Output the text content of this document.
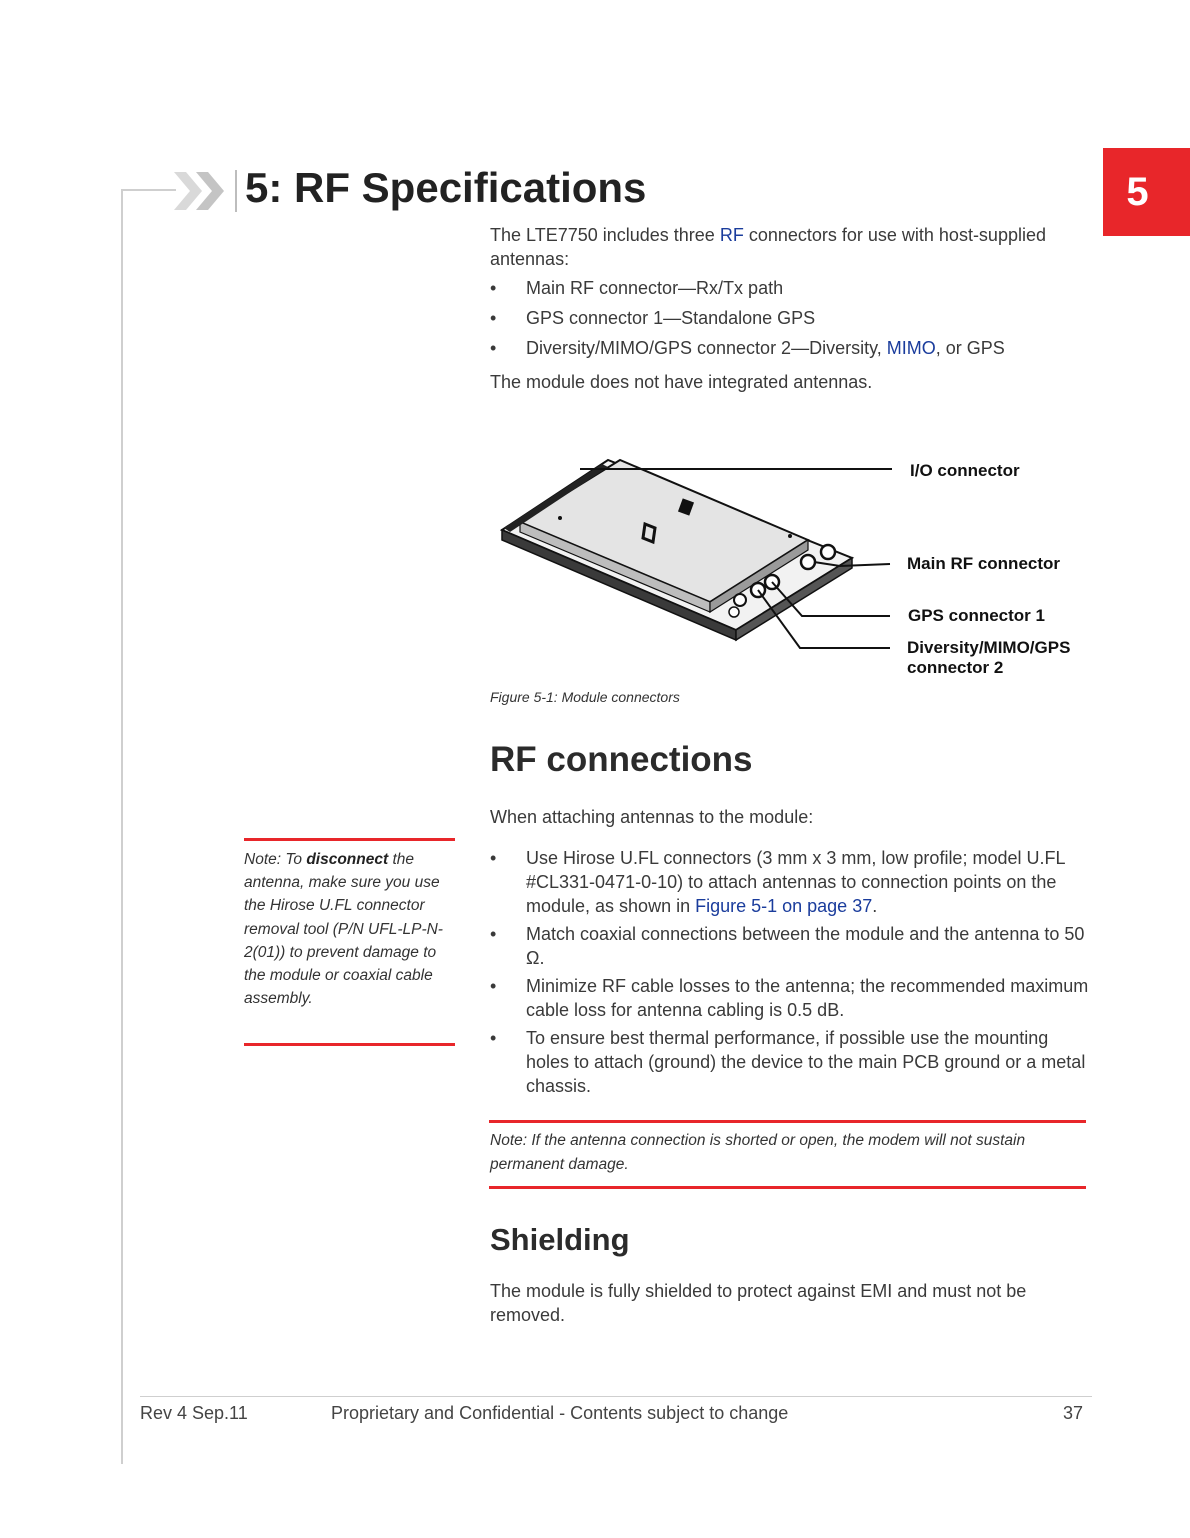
5: RF Specifications	5

The LTE7750 includes three RF connectors for use with host-supplied antennas:

• Main RF connector—Rx/Tx path
• GPS connector 1—Standalone GPS
• Diversity/MIMO/GPS connector 2—Diversity, MIMO, or GPS

The module does not have integrated antennas.

I/O connector
Main RF connector
GPS connector 1
Diversity/MIMO/GPS
connector 2
Figure 5-1: Module connectors
RF connections

When attaching antennas to the module:

• Use Hirose U.FL connectors (3 mm x 3 mm, low profile; model U.FL #CL331-0471-0-10) to attach antennas to connection points on the module, as shown in Figure 5-1 on page 37.
• Match coaxial connections between the module and the antenna to 50 Ω.
• Minimize RF cable losses to the antenna; the recommended maximum cable loss for antenna cabling is 0.5 dB.
• To ensure best thermal performance, if possible use the mounting holes to attach (ground) the device to the main PCB ground or a metal chassis.

Note: To disconnect the antenna, make sure you use the Hirose U.FL connector removal tool (P/N UFL-LP-N-2(01)) to prevent damage to the module or coaxial cable assembly.

Note: If the antenna connection is shorted or open, the modem will not sustain permanent damage.

Shielding

The module is fully shielded to protect against EMI and must not be removed.

Rev 4 Sep.11	Proprietary and Confidential - Contents subject to change	37
